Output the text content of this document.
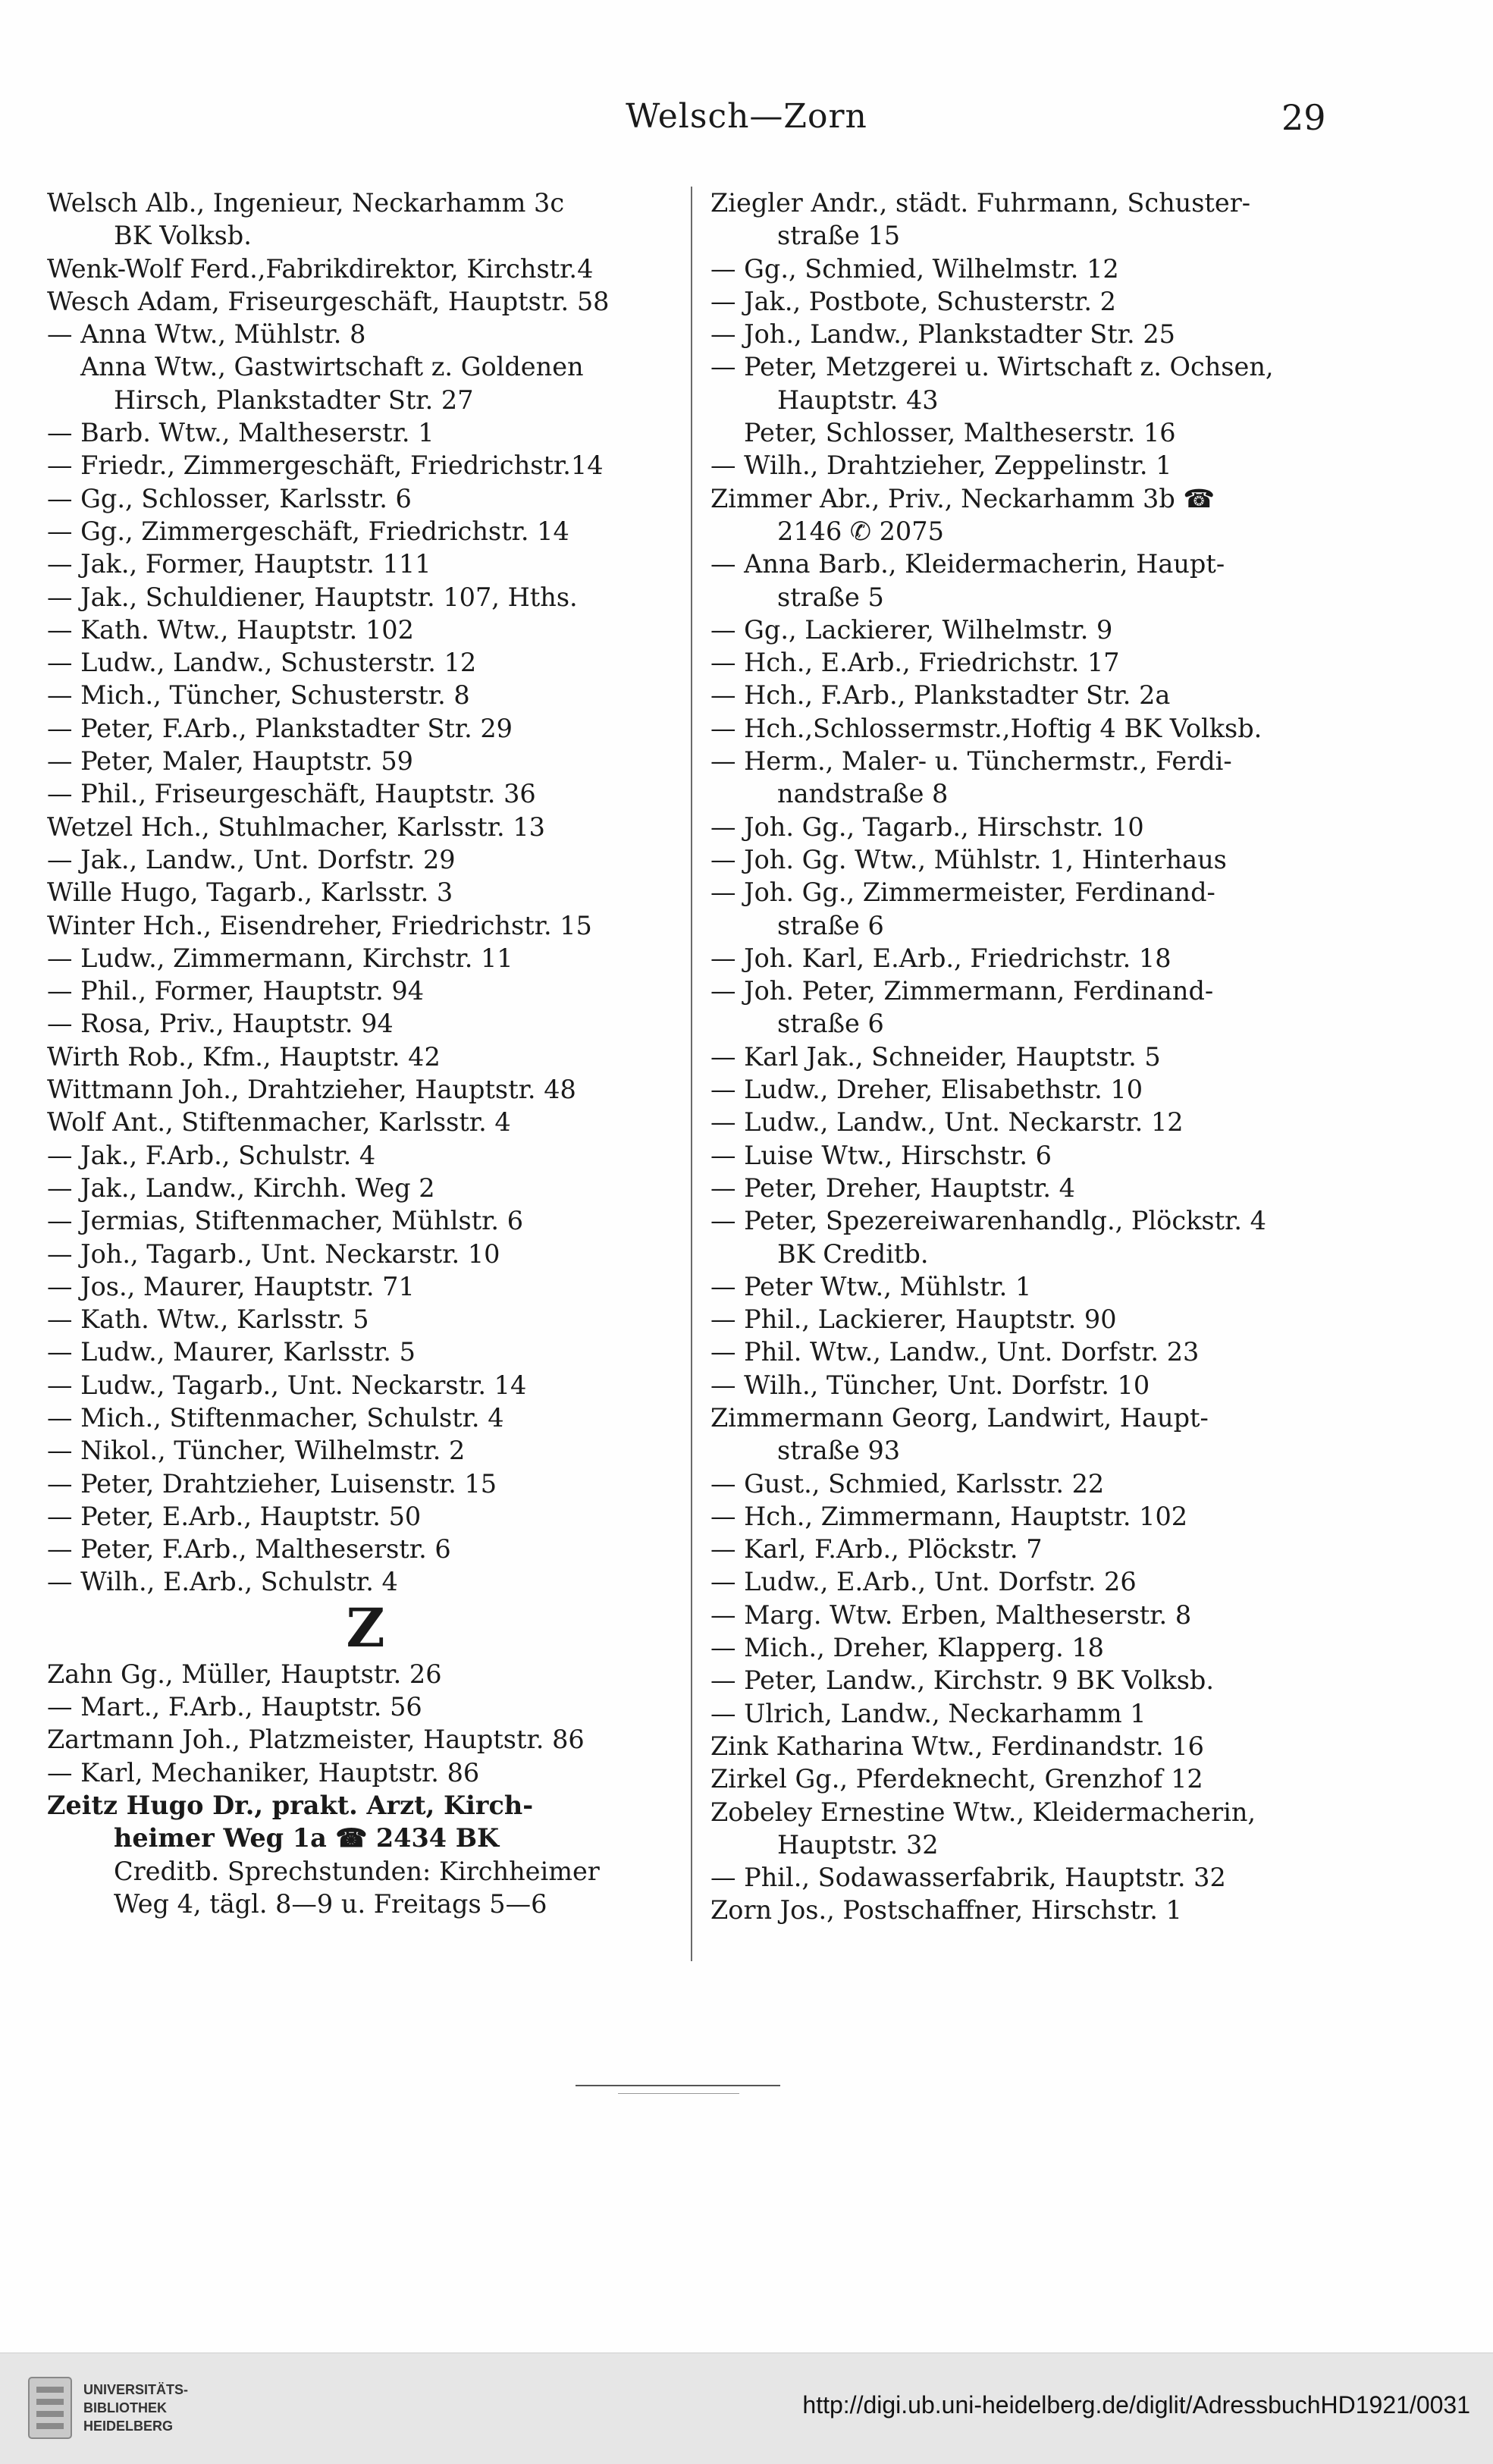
Welsch—Zorn	29
Welsch Alb., Ingenieur, Neckarhamm 3c
BK Volksb.
Wenk-Wolf Ferd.,Fabrikdirektor, Kirchstr.4
Wesch Adam, Friseurgeschäft, Hauptstr. 58
— Anna Wtw., Mühlstr. 8
Anna Wtw., Gastwirtschaft z. Goldenen
Hirsch, Plankstadter Str. 27
— Barb. Wtw., Maltheserstr. 1
— Friedr., Zimmergeschäft, Friedrichstr.14
— Gg., Schlosser, Karlsstr. 6
— Gg., Zimmergeschäft, Friedrichstr. 14
— Jak., Former, Hauptstr. 111
— Jak., Schuldiener, Hauptstr. 107, Hths.
— Kath. Wtw., Hauptstr. 102
— Ludw., Landw., Schusterstr. 12
— Mich., Tüncher, Schusterstr. 8
— Peter, F.Arb., Plankstadter Str. 29
— Peter, Maler, Hauptstr. 59
— Phil., Friseurgeschäft, Hauptstr. 36
Wetzel Hch., Stuhlmacher, Karlsstr. 13
— Jak., Landw., Unt. Dorfstr. 29
Wille Hugo, Tagarb., Karlsstr. 3
Winter Hch., Eisendreher, Friedrichstr. 15
— Ludw., Zimmermann, Kirchstr. 11
— Phil., Former, Hauptstr. 94
— Rosa, Priv., Hauptstr. 94
Wirth Rob., Kfm., Hauptstr. 42
Wittmann Joh., Drahtzieher, Hauptstr. 48
Wolf Ant., Stiftenmacher, Karlsstr. 4
— Jak., F.Arb., Schulstr. 4
— Jak., Landw., Kirchh. Weg 2
— Jermias, Stiftenmacher, Mühlstr. 6
— Joh., Tagarb., Unt. Neckarstr. 10
— Jos., Maurer, Hauptstr. 71
— Kath. Wtw., Karlsstr. 5
— Ludw., Maurer, Karlsstr. 5
— Ludw., Tagarb., Unt. Neckarstr. 14
— Mich., Stiftenmacher, Schulstr. 4
— Nikol., Tüncher, Wilhelmstr. 2
— Peter, Drahtzieher, Luisenstr. 15
— Peter, E.Arb., Hauptstr. 50
— Peter, F.Arb., Maltheserstr. 6
— Wilh., E.Arb., Schulstr. 4
Z
Zahn Gg., Müller, Hauptstr. 26
— Mart., F.Arb., Hauptstr. 56
Zartmann Joh., Platzmeister, Hauptstr. 86
— Karl, Mechaniker, Hauptstr. 86
Zeitz Hugo Dr., prakt. Arzt, Kirch-
heimer Weg 1a ☎ 2434 BK
Creditb. Sprechstunden: Kirchheimer
Weg 4, tägl. 8—9 u. Freitags 5—6
Ziegler Andr., städt. Fuhrmann, Schuster-
straße 15
— Gg., Schmied, Wilhelmstr. 12
— Jak., Postbote, Schusterstr. 2
— Joh., Landw., Plankstadter Str. 25
— Peter, Metzgerei u. Wirtschaft z. Ochsen,
Hauptstr. 43
Peter, Schlosser, Maltheserstr. 16
— Wilh., Drahtzieher, Zeppelinstr. 1
Zimmer Abr., Priv., Neckarhamm 3b ☎
2146 ✆ 2075
— Anna Barb., Kleidermacherin, Haupt-
straße 5
— Gg., Lackierer, Wilhelmstr. 9
— Hch., E.Arb., Friedrichstr. 17
— Hch., F.Arb., Plankstadter Str. 2a
— Hch.,Schlossermstr.,Hoftig 4 BK Volksb.
— Herm., Maler- u. Tünchermstr., Ferdi-
nandstraße 8
— Joh. Gg., Tagarb., Hirschstr. 10
— Joh. Gg. Wtw., Mühlstr. 1, Hinterhaus
— Joh. Gg., Zimmermeister, Ferdinand-
straße 6
— Joh. Karl, E.Arb., Friedrichstr. 18
— Joh. Peter, Zimmermann, Ferdinand-
straße 6
— Karl Jak., Schneider, Hauptstr. 5
— Ludw., Dreher, Elisabethstr. 10
— Ludw., Landw., Unt. Neckarstr. 12
— Luise Wtw., Hirschstr. 6
— Peter, Dreher, Hauptstr. 4
— Peter, Spezereiwarenhandlg., Plöckstr. 4
BK Creditb.
— Peter Wtw., Mühlstr. 1
— Phil., Lackierer, Hauptstr. 90
— Phil. Wtw., Landw., Unt. Dorfstr. 23
— Wilh., Tüncher, Unt. Dorfstr. 10
Zimmermann Georg, Landwirt, Haupt-
straße 93
— Gust., Schmied, Karlsstr. 22
— Hch., Zimmermann, Hauptstr. 102
— Karl, F.Arb., Plöckstr. 7
— Ludw., E.Arb., Unt. Dorfstr. 26
— Marg. Wtw. Erben, Maltheserstr. 8
— Mich., Dreher, Klapperg. 18
— Peter, Landw., Kirchstr. 9 BK Volksb.
— Ulrich, Landw., Neckarhamm 1
Zink Katharina Wtw., Ferdinandstr. 16
Zirkel Gg., Pferdeknecht, Grenzhof 12
Zobeley Ernestine Wtw., Kleidermacherin,
Hauptstr. 32
— Phil., Sodawasserfabrik, Hauptstr. 32
Zorn Jos., Postschaffner, Hirschstr. 1
UNIVERSITÄTS-
BIBLIOTHEK
HEIDELBERG
http://digi.ub.uni-heidelberg.de/diglit/AdressbuchHD1921/0031
